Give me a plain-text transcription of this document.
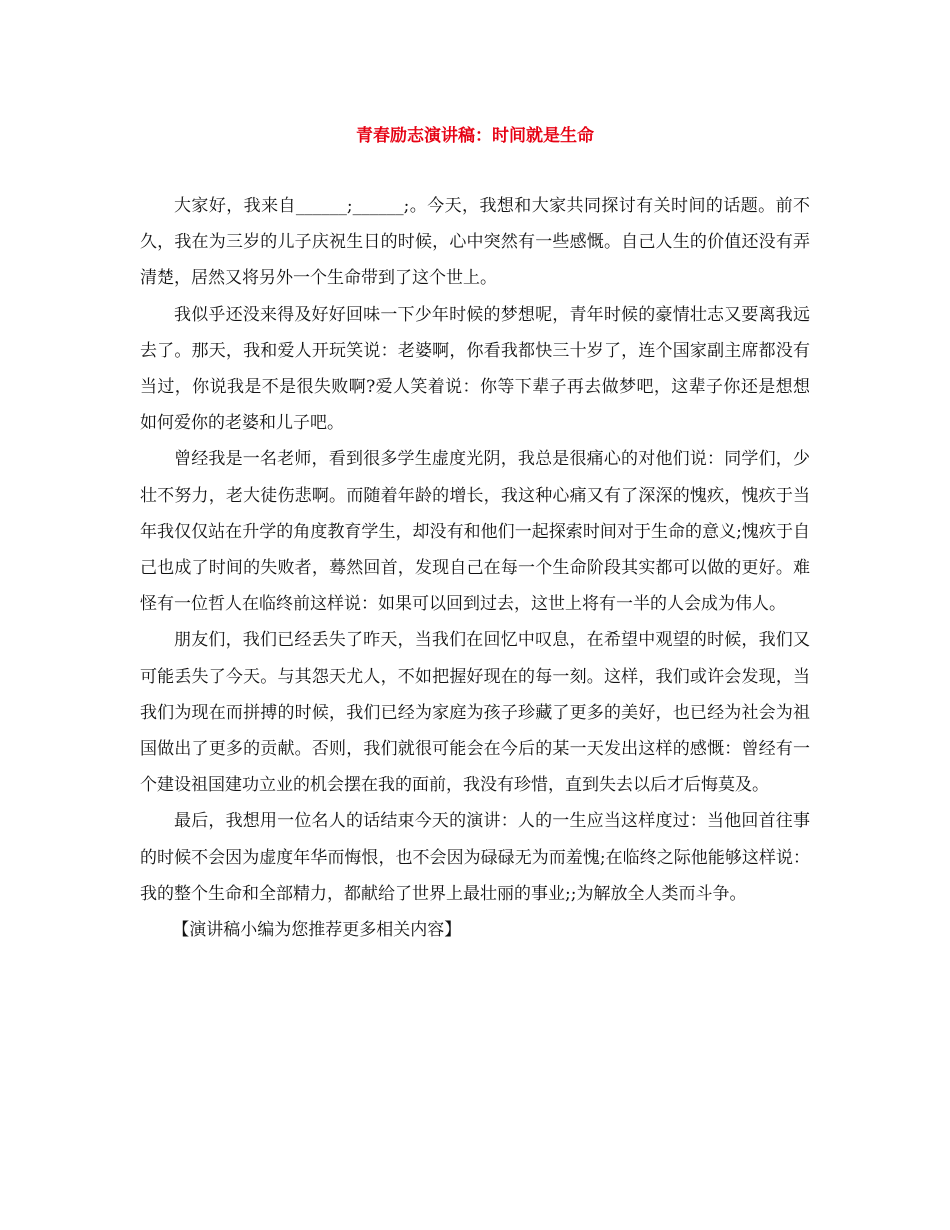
青春励志演讲稿：时间就是生命

大家好，我来自______;______;。今天，我想和大家共同探讨有关时间的话题。前不久，我在为三岁的儿子庆祝生日的时候，心中突然有一些感慨。自己人生的价值还没有弄清楚，居然又将另外一个生命带到了这个世上。

我似乎还没来得及好好回味一下少年时候的梦想呢，青年时候的豪情壮志又要离我远去了。那天，我和爱人开玩笑说：老婆啊，你看我都快三十岁了，连个国家副主席都没有当过，你说我是不是很失败啊?爱人笑着说：你等下辈子再去做梦吧，这辈子你还是想想如何爱你的老婆和儿子吧。

曾经我是一名老师，看到很多学生虚度光阴，我总是很痛心的对他们说：同学们，少壮不努力，老大徒伤悲啊。而随着年龄的增长，我这种心痛又有了深深的愧疚，愧疚于当年我仅仅站在升学的角度教育学生，却没有和他们一起探索时间对于生命的意义;愧疚于自己也成了时间的失败者，蓦然回首，发现自己在每一个生命阶段其实都可以做的更好。难怪有一位哲人在临终前这样说：如果可以回到过去，这世上将有一半的人会成为伟人。

朋友们，我们已经丢失了昨天，当我们在回忆中叹息，在希望中观望的时候，我们又可能丢失了今天。与其怨天尤人，不如把握好现在的每一刻。这样，我们或许会发现，当我们为现在而拼搏的时候，我们已经为家庭为孩子珍藏了更多的美好，也已经为社会为祖国做出了更多的贡献。否则，我们就很可能会在今后的某一天发出这样的感慨：曾经有一个建设祖国建功立业的机会摆在我的面前，我没有珍惜，直到失去以后才后悔莫及。

最后，我想用一位名人的话结束今天的演讲：人的一生应当这样度过：当他回首往事的时候不会因为虚度年华而悔恨，也不会因为碌碌无为而羞愧;在临终之际他能够这样说：我的整个生命和全部精力，都献给了世界上最壮丽的事业;;为解放全人类而斗争。

【演讲稿小编为您推荐更多相关内容】
